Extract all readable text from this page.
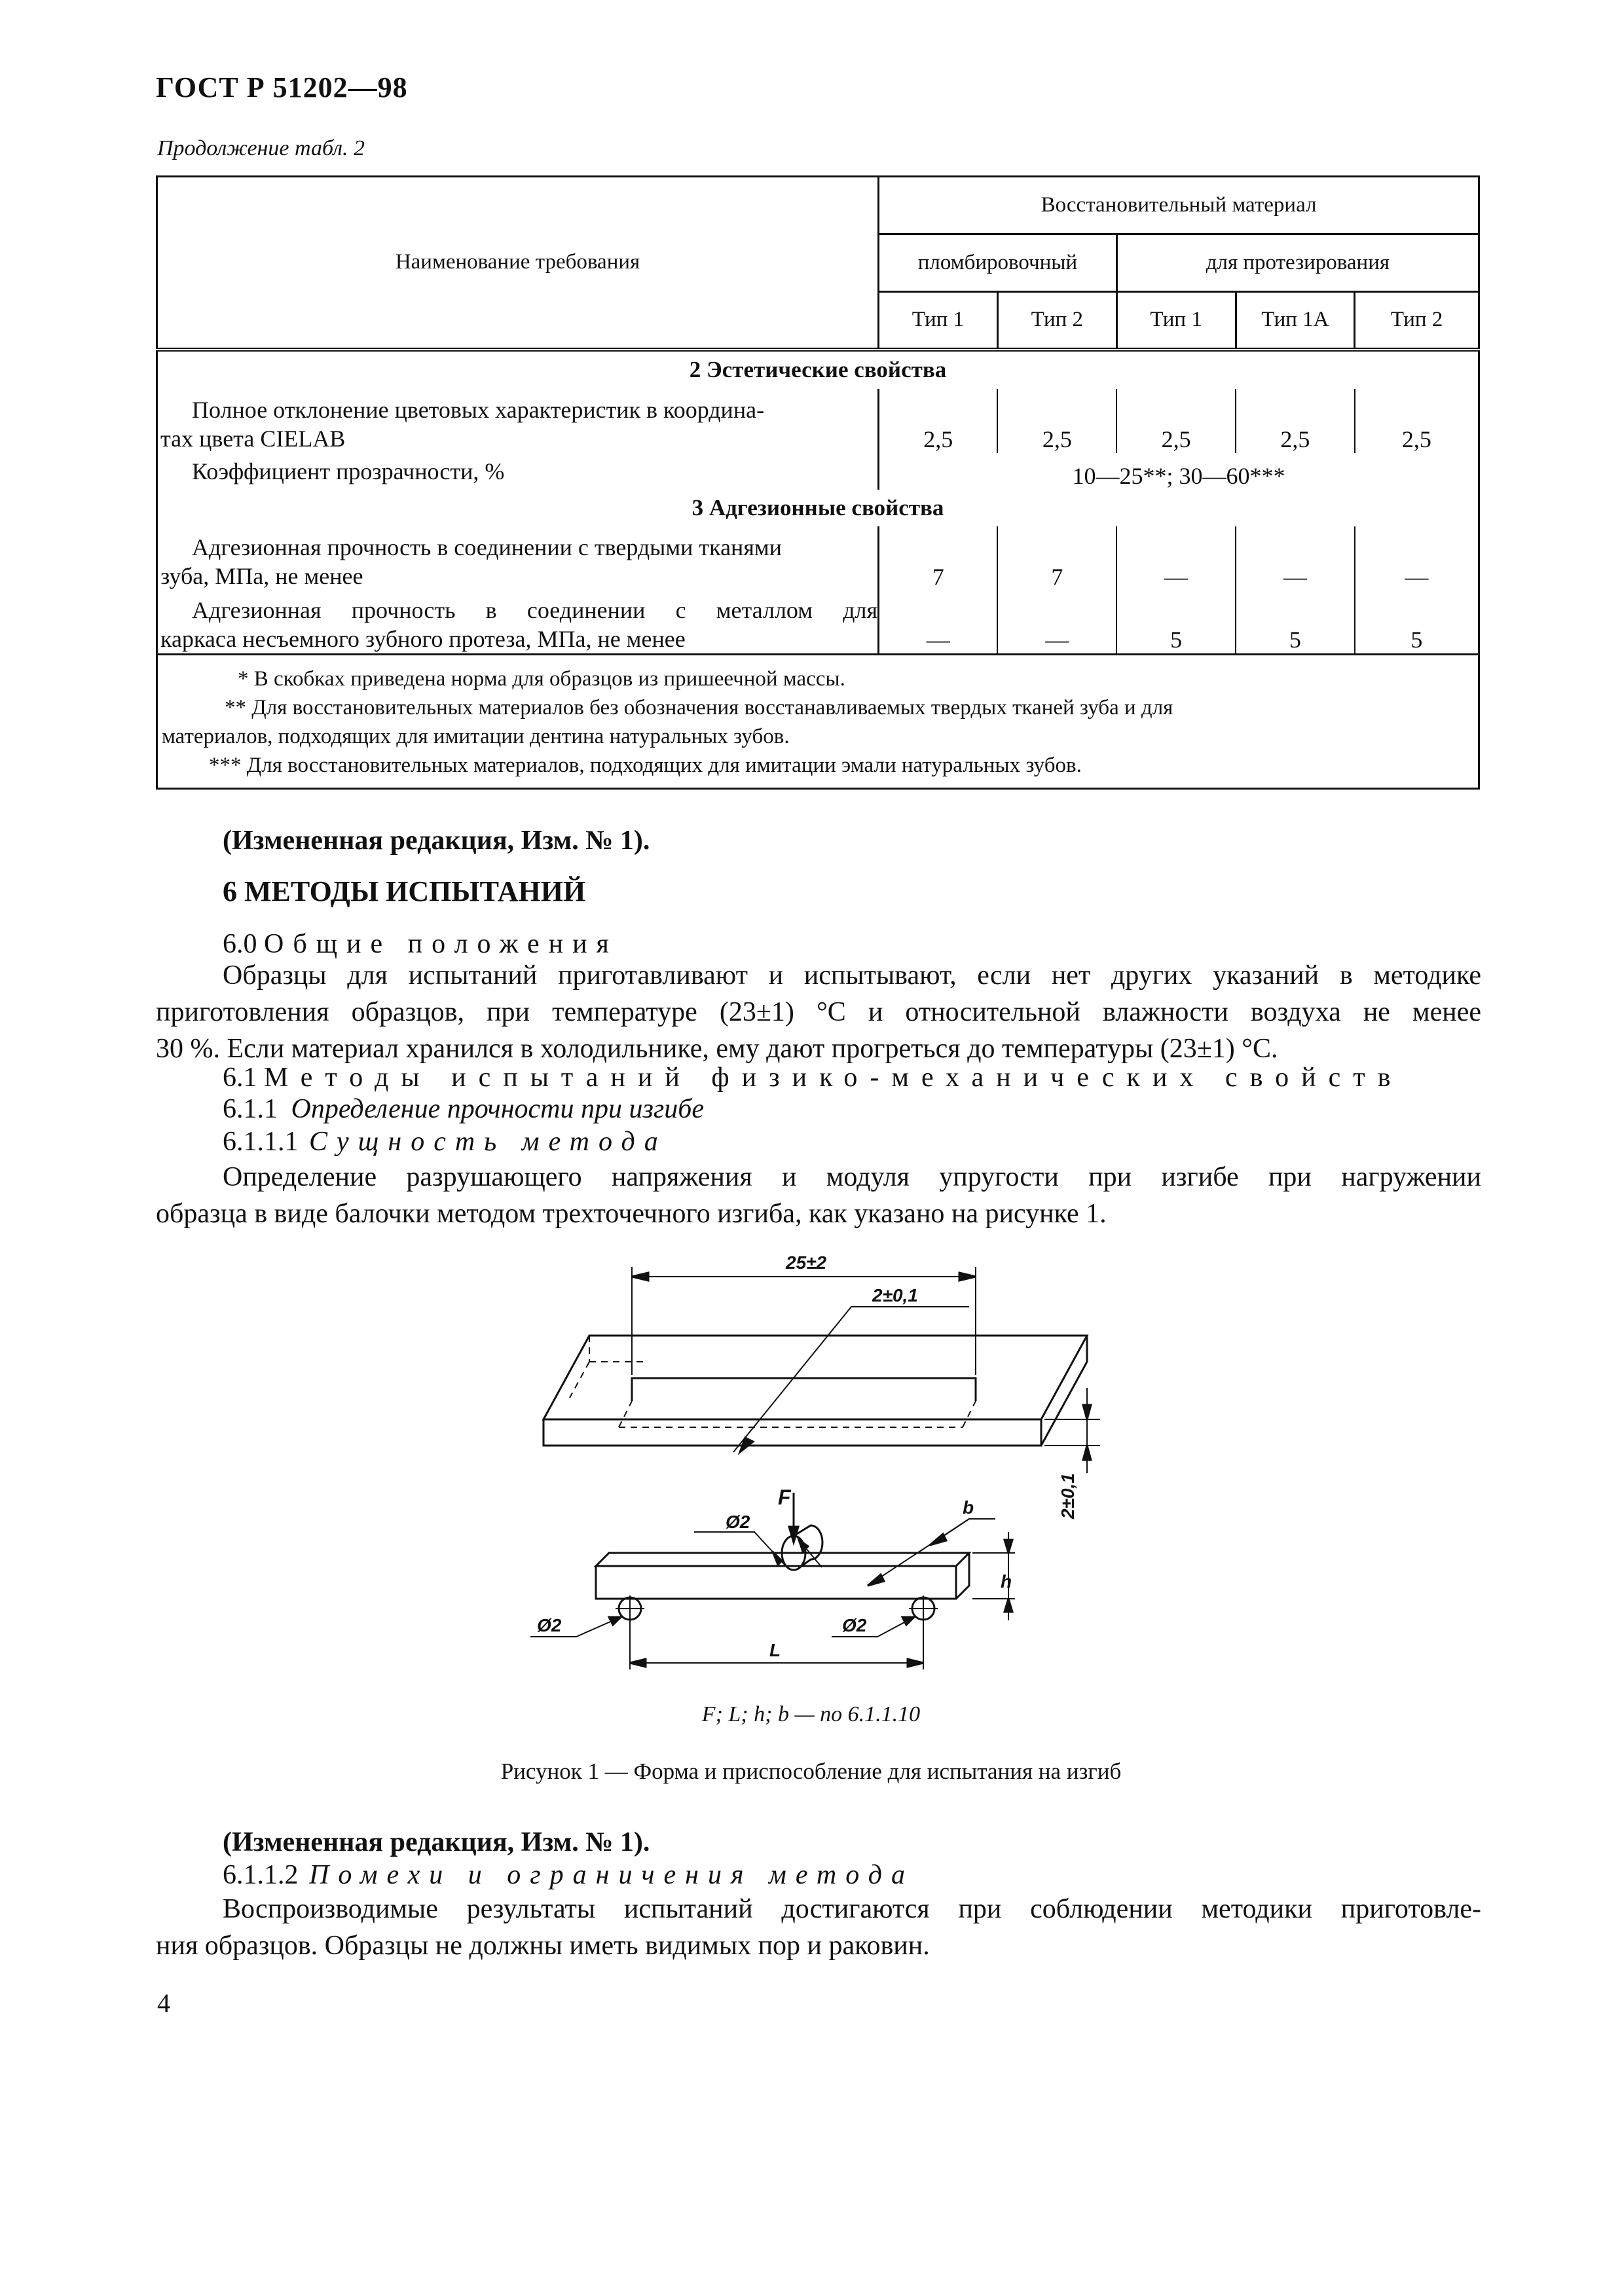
ГОСТ Р 51202—98
Продолжение табл. 2
Наименование требования	Восстановительный материал				
	пломбировочный		для протезирования		
	Тип 1	Тип 2	Тип 1	Тип 1А	Тип 2
2 Эстетические свойства					

Полное отклонение цветовых характеристик в координа-
тах цвета CIELAB	2,5	2,5	2,5	2,5	2,5

Коэффициент прозрачности, %	10—25**; 30—60***				
3 Адгезионные свойства					

Адгезионная прочность в соединении с твердыми тканями
зуба, МПа, не менее	7	7	—	—	—

Адгезионная прочность в соединении с металлом для
каркаса несъемного зубного протеза, МПа, не менее	—	—	5	5	5

* В скобках приведена норма для образцов из пришеечной массы.
** Для восстановительных материалов без обозначения восстанавливаемых твердых тканей зуба и для
материалов, подходящих для имитации дентина натуральных зубов.
*** Для восстановительных материалов, подходящих для имитации эмали натуральных зубов.					
(Измененная редакция, Изм. № 1).
6 МЕТОДЫ ИСПЫТАНИЙ
6.0 Общие положения

Образцы для испытаний приготавливают и испытывают, если нет других указаний в методике

приготовления образцов, при температуре (23±1) °С и относительной влажности воздуха не менее

30 %. Если материал хранился в холодильнике, ему дают прогреться до температуры (23±1) °С.

6.1 Методы испытаний физико-механических свойств
6.1.1 Определение прочности при изгибе
6.1.1.1 Сущность метода

Определение разрушающего напряжения и модуля упругости при изгибе при нагружении

образца в виде балочки методом трехточечного изгиба, как указано на рисунке 1.

25±2
2±0,1
2±0,1
Ø2
F	b
h
Ø2	Ø2
L
F; L; h; b — по 6.1.1.10
Рисунок 1 — Форма и приспособление для испытания на изгиб
(Измененная редакция, Изм. № 1).
6.1.1.2 Помехи и ограничения метода

Воспроизводимые результаты испытаний достигаются при соблюдении методики приготовле-

ния образцов. Образцы не должны иметь видимых пор и раковин.

4
